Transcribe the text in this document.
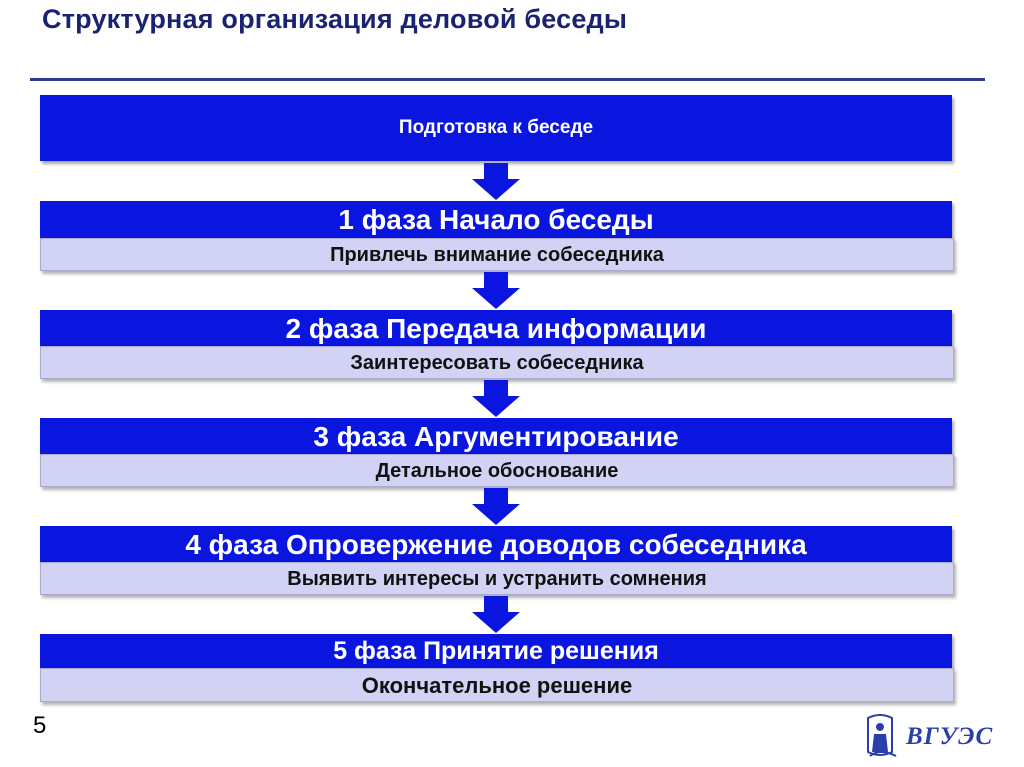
Структурная организация деловой беседы
Подготовка к беседе
1 фаза Начало беседы
Привлечь внимание собеседника
2 фаза Передача информации
Заинтересовать собеседника
3 фаза Аргументирование
Детальное обоснование
4 фаза Опровержение доводов собеседника
Выявить интересы и устранить сомнения
5 фаза Принятие решения
Окончательное решение
5	ВГУЭС
